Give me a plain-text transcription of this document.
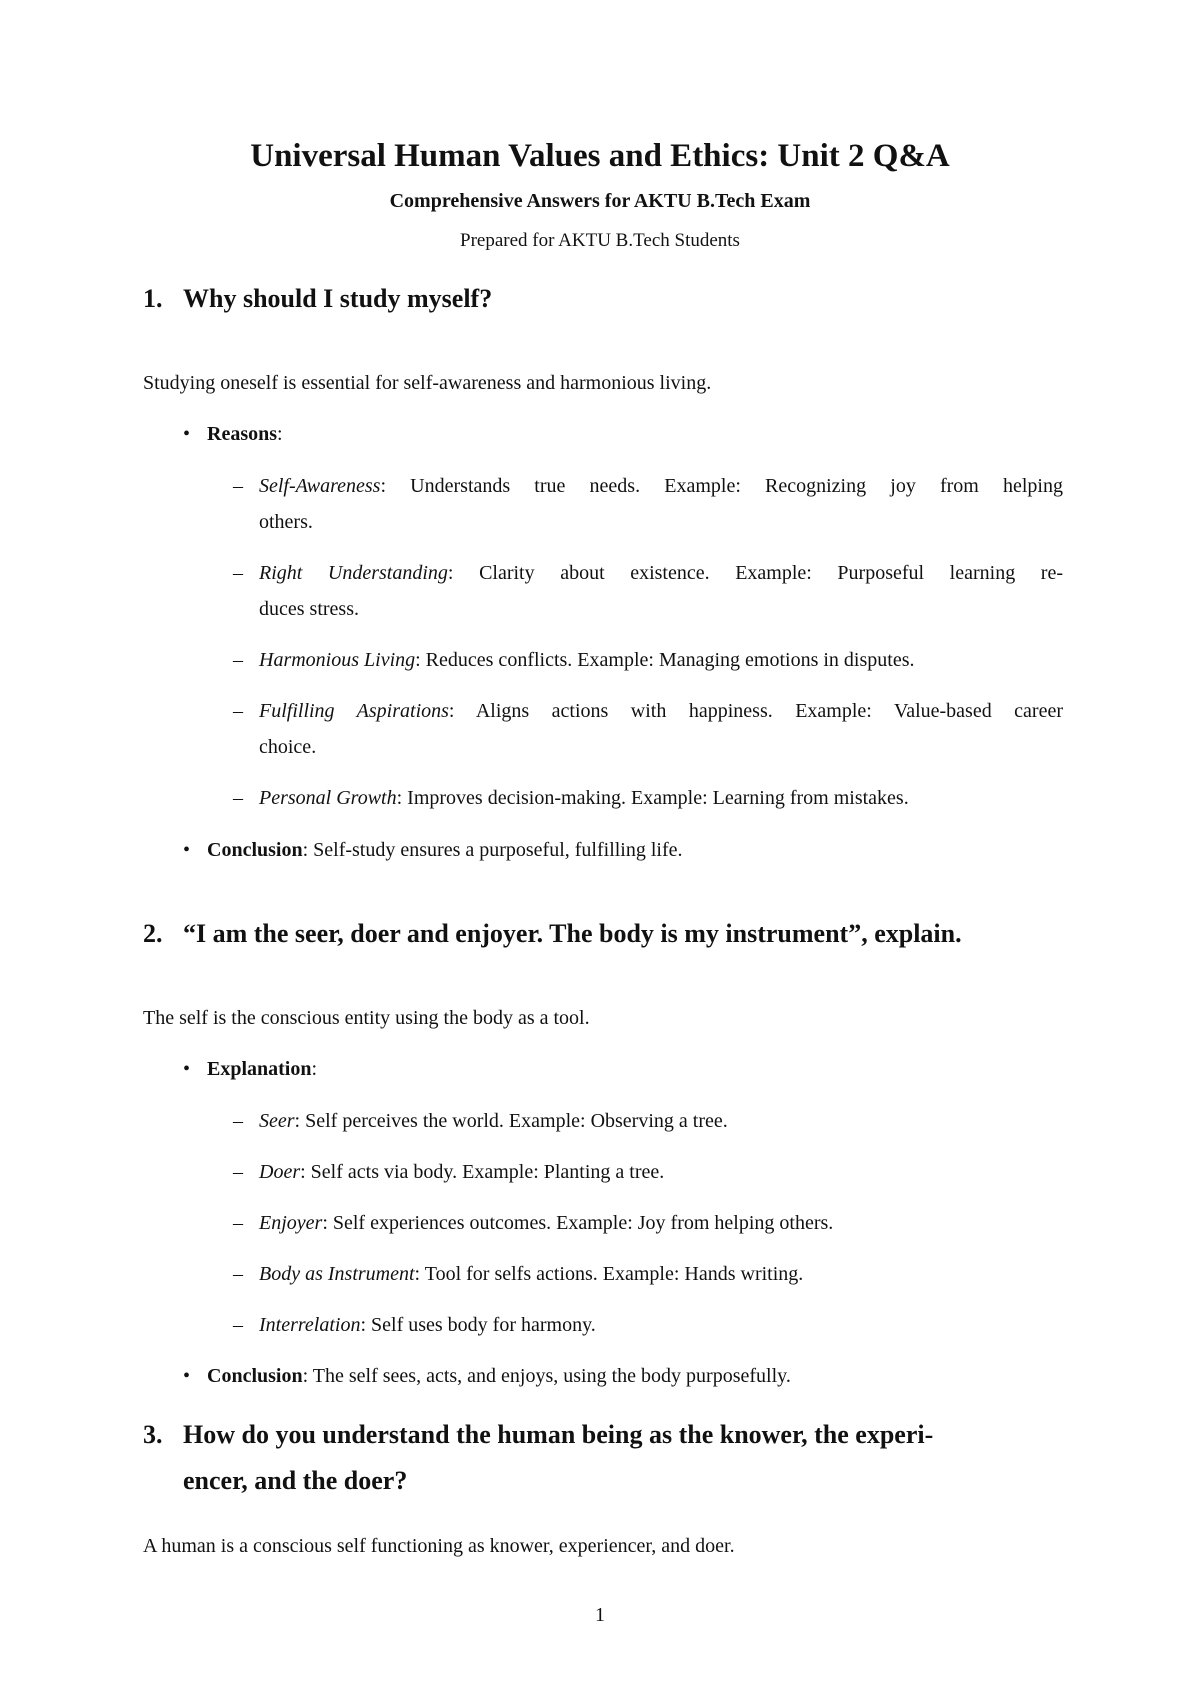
Universal Human Values and Ethics: Unit 2 Q&A
Comprehensive Answers for AKTU B.Tech Exam
Prepared for AKTU B.Tech Students
1. Why should I study myself?
Studying oneself is essential for self-awareness and harmonious living.
• Reasons:
– Self-Awareness: Understands true needs. Example: Recognizing joy from helping
others.
– Right Understanding: Clarity about existence. Example: Purposeful learning re-
duces stress.
– Harmonious Living: Reduces conflicts. Example: Managing emotions in disputes.
– Fulfilling Aspirations: Aligns actions with happiness. Example: Value-based career
choice.
– Personal Growth: Improves decision-making. Example: Learning from mistakes.
• Conclusion: Self-study ensures a purposeful, fulfilling life.
2. “I am the seer, doer and enjoyer. The body is my instrument”, explain.
The self is the conscious entity using the body as a tool.
• Explanation:
– Seer: Self perceives the world. Example: Observing a tree.
– Doer: Self acts via body. Example: Planting a tree.
– Enjoyer: Self experiences outcomes. Example: Joy from helping others.
– Body as Instrument: Tool for selfs actions. Example: Hands writing.
– Interrelation: Self uses body for harmony.
• Conclusion: The self sees, acts, and enjoys, using the body purposefully.
3. How do you understand the human being as the knower, the experi-
encer, and the doer?
A human is a conscious self functioning as knower, experiencer, and doer.
1
